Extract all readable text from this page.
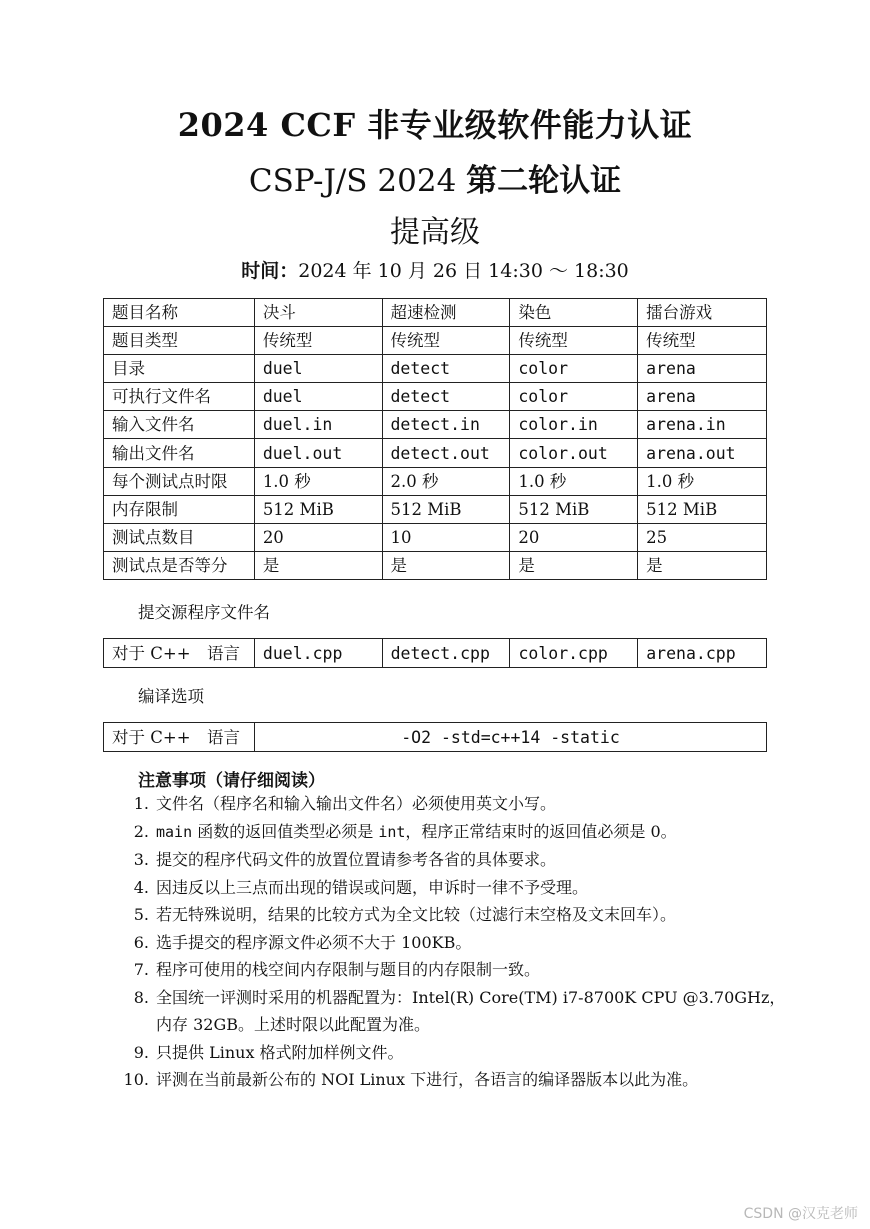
2024 CCF 非专业级软件能力认证
CSP-J/S 2024 第二轮认证
提高级
时间：2024 年 10 月 26 日 14:30 ～ 18:30
题目名称	决斗	超速检测	染色	擂台游戏
题目类型	传统型	传统型	传统型	传统型
目录	duel	detect	color	arena
可执行文件名	duel	detect	color	arena
输入文件名	duel.in	detect.in	color.in	arena.in
输出文件名	duel.out	detect.out	color.out	arena.out
每个测试点时限	1.0 秒	2.0 秒	1.0 秒	1.0 秒
内存限制	512 MiB	512 MiB	512 MiB	512 MiB
测试点数目	20	10	20	25
测试点是否等分	是	是	是	是
提交源程序文件名
对于 C++　语言	duel.cpp	detect.cpp	color.cpp	arena.cpp
编译选项
对于 C++　语言	-O2 -std=c++14 -static
注意事项（请仔细阅读）
1. 文件名（程序名和输入输出文件名）必须使用英文小写。
2. main 函数的返回值类型必须是 int，程序正常结束时的返回值必须是 0。
3. 提交的程序代码文件的放置位置请参考各省的具体要求。
4. 因违反以上三点而出现的错误或问题，申诉时一律不予受理。
5. 若无特殊说明，结果的比较方式为全文比较（过滤行末空格及文末回车）。
6. 选手提交的程序源文件必须不大于 100KB。
7. 程序可使用的栈空间内存限制与题目的内存限制一致。
8. 全国统一评测时采用的机器配置为：Intel(R) Core(TM) i7-8700K CPU @3.70GHz，
内存 32GB。上述时限以此配置为准。
9. 只提供 Linux 格式附加样例文件。
10. 评测在当前最新公布的 NOI Linux 下进行，各语言的编译器版本以此为准。
CSDN @汉克老师
